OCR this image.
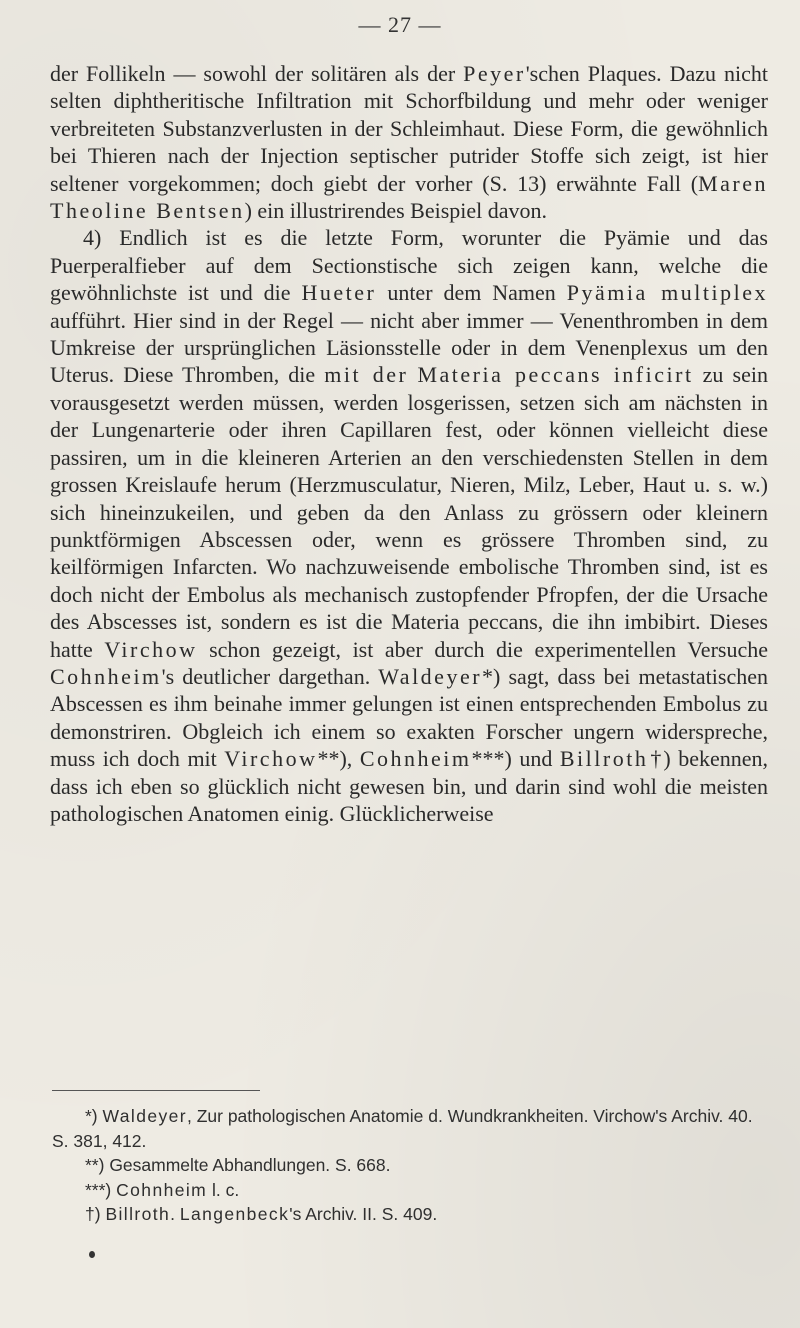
— 27 —

der Follikeln — sowohl der solitären als der Peyer'schen Plaques. Dazu nicht selten diphtheritische Infiltration mit Schorfbildung und mehr oder weniger verbreiteten Substanzverlusten in der Schleimhaut. Diese Form, die gewöhnlich bei Thieren nach der Injection septischer putrider Stoffe sich zeigt, ist hier seltener vorgekommen; doch giebt der vorher (S. 13) erwähnte Fall (Maren Theoline Bentsen) ein illustrirendes Beispiel davon.

4) Endlich ist es die letzte Form, worunter die Pyämie und das Puerperalfieber auf dem Sectionstische sich zeigen kann, welche die gewöhnlichste ist und die Hueter unter dem Namen Pyämia multiplex aufführt. Hier sind in der Regel — nicht aber immer — Venenthromben in dem Umkreise der ursprünglichen Läsionsstelle oder in dem Venenplexus um den Uterus. Diese Thromben, die mit der Materia peccans inficirt zu sein vorausgesetzt werden müssen, werden losgerissen, setzen sich am nächsten in der Lungenarterie oder ihren Capillaren fest, oder können vielleicht diese passiren, um in die kleineren Arterien an den verschiedensten Stellen in dem grossen Kreislaufe herum (Herzmusculatur, Nieren, Milz, Leber, Haut u. s. w.) sich hineinzukeilen, und geben da den Anlass zu grössern oder kleinern punktförmigen Abscessen oder, wenn es grössere Thromben sind, zu keilförmigen Infarcten. Wo nachzuweisende embolische Thromben sind, ist es doch nicht der Embolus als mechanisch zustopfender Pfropfen, der die Ursache des Abscesses ist, sondern es ist die Materia peccans, die ihn imbibirt. Dieses hatte Virchow schon gezeigt, ist aber durch die experimentellen Versuche Cohnheim's deutlicher dargethan. Waldeyer*) sagt, dass bei metastatischen Abscessen es ihm beinahe immer gelungen ist einen entsprechenden Embolus zu demonstriren. Obgleich ich einem so exakten Forscher ungern widerspreche, muss ich doch mit Virchow**), Cohnheim***) und Billroth†) bekennen, dass ich eben so glücklich nicht gewesen bin, und darin sind wohl die meisten pathologischen Anatomen einig. Glücklicherweise

*) Waldeyer, Zur pathologischen Anatomie d. Wundkrankheiten. Virchow's Archiv. 40. S. 381, 412.

**) Gesammelte Abhandlungen. S. 668.

***) Cohnheim l. c.

†) Billroth. Langenbeck's Archiv. II. S. 409.
